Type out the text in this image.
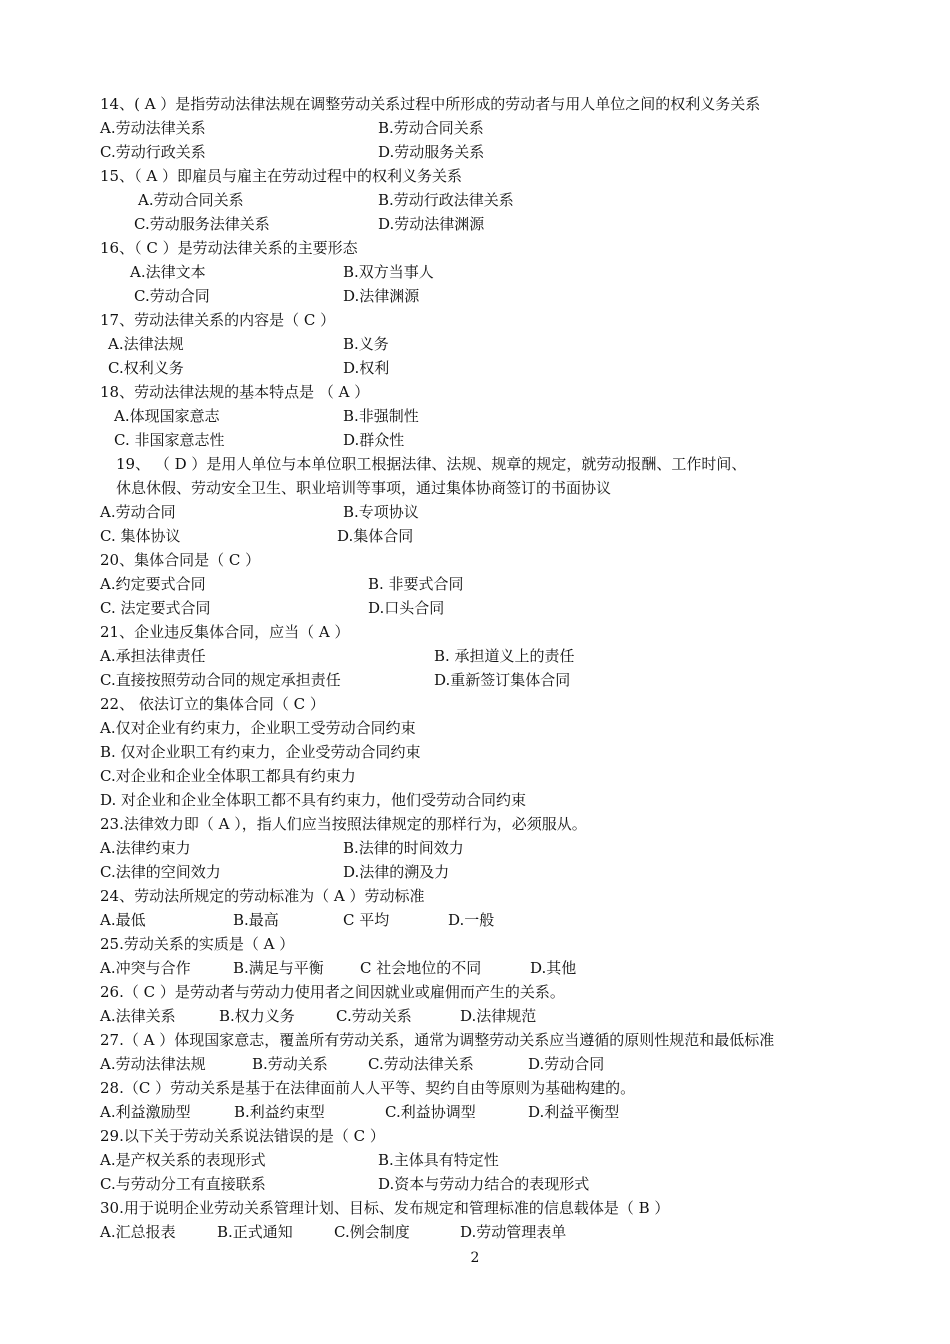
14、( A ）是指劳动法律法规在调整劳动关系过程中所形成的劳动者与用人单位之间的权利义务关系
A.劳动法律关系	B.劳动合同关系
C.劳动行政关系	D.劳动服务关系
15、（ A ）即雇员与雇主在劳动过程中的权利义务关系
A.劳动合同关系	B.劳动行政法律关系
C.劳动服务法律关系	D.劳动法律渊源
16、（ C ）是劳动法律关系的主要形态
A.法律文本	B.双方当事人
C.劳动合同	D.法律渊源
17、劳动法律关系的内容是（ C ）
A.法律法规	B.义务
C.权利义务	D.权利
18、劳动法律法规的基本特点是 （ A ）
A.体现国家意志	B.非强制性
C. 非国家意志性	D.群众性
19、 （ D ）是用人单位与本单位职工根据法律、法规、规章的规定，就劳动报酬、工作时间、
休息休假、劳动安全卫生、职业培训等事项，通过集体协商签订的书面协议
A.劳动合同	B.专项协议
C. 集体协议	D.集体合同
20、集体合同是（ C ）
A.约定要式合同	B. 非要式合同
C. 法定要式合同	D.口头合同
21、企业违反集体合同，应当（ A ）
A.承担法律责任	B. 承担道义上的责任
C.直接按照劳动合同的规定承担责任	D.重新签订集体合同
22、 依法订立的集体合同（ C ）
A.仅对企业有约束力，企业职工受劳动合同约束
B. 仅对企业职工有约束力，企业受劳动合同约束
C.对企业和企业全体职工都具有约束力
D. 对企业和企业全体职工都不具有约束力，他们受劳动合同约束
23.法律效力即（ A ），指人们应当按照法律规定的那样行为，必须服从。
A.法律约束力	B.法律的时间效力
C.法律的空间效力	D.法律的溯及力
24、劳动法所规定的劳动标准为（ A ）劳动标准
A.最低	B.最高	C 平均	D.一般
25.劳动关系的实质是（ A ）
A.冲突与合作	B.满足与平衡 C 社会地位的不同	D.其他
26.（ C ）是劳动者与劳动力使用者之间因就业或雇佣而产生的关系。
A.法律关系	B.权力义务	C.劳动关系	D.法律规范
27.（ A ）体现国家意志，覆盖所有劳动关系，通常为调整劳动关系应当遵循的原则性规范和最低标准
A.劳动法律法规	B.劳动关系	C.劳动法律关系	D.劳动合同
28.（C ）劳动关系是基于在法律面前人人平等、契约自由等原则为基础构建的。
A.利益激励型	B.利益约束型	C.利益协调型	D.利益平衡型
29.以下关于劳动关系说法错误的是（ C ）
A.是产权关系的表现形式	B.主体具有特定性
C.与劳动分工有直接联系	D.资本与劳动力结合的表现形式
30.用于说明企业劳动关系管理计划、目标、发布规定和管理标准的信息载体是（ B ）
A.汇总报表	B.正式通知	C.例会制度	D.劳动管理表单
2
